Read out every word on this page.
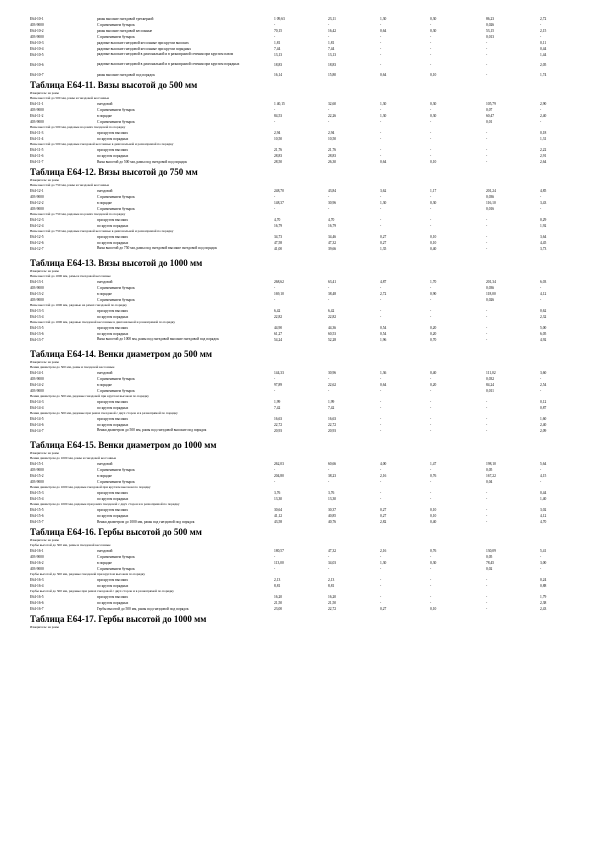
Е64-10-1	рамы высокие гнездовой трехкерной	1 09,63	23,11	1,30	0,30	86,23	2,72
403-9000	С применением бутырок	-	-	-	-	0,026	-
Е64-10-2	рамы высокие гнездовой кессонные	70,15	16,42	0,64	0,30	53,15	2,15
403-9000	С применением бутырок	-	-	-	-	0,013	-
Е64-10-3	рядовые высокие гнездовой кессонные при кругом высоких	1,81	1,81	-	-	-	0,11
Е64-10-4	рядовые высокие гнездовой кессонные при кругом порядных	7,44	7,44	-	-	-	0,44
Е64-10-5	рядовые высокие гнездовой в диагональной и в разнопрямой сечения при круглом пазом	13,13	13,13	-	-	-	1,44
Е64-10-6	рядовые высокие гнездовой в диагональной и в разнопрямой сечения при круглом порядных	18,83	18,83	-	-	-	2,05
Е64-10-7	рамы высокие гнездовой под порядок	16,14	15,80	0,64	0,10	-	1,74
Таблица Е64-11. Вязы высотой до 500 мм
Измеритель: на рамы
Вязы высотой до 500 мм, рамы и гнездовой кессонные
Е64-11-1	гнездовой	1 40,15	32,60	1,30	0,30	105,79	2,90
403-9000	С применением бутырок	-	-	-	-	0,07	-
Е64-11-2	в порядке	84,53	22,26	1,30	0,30	60,47	2,40
403-9000	С применением бутырок	-	-	-	-	0,01	-
Вязы высотой до 500 мм, рядовые на рамах гнездовой по порядку
Е64-11-3	при кругом высоких	2,94	2,94	-	-	-	0,18
Е64-11-4	по кругом порядных	10,50	10,50	-	-	-	1,31
Вязы высотой до 500 мм, рядовые гнездовой кессонные в диагональной и разнопрямой по порядку
Е64-11-5	при кругом высоких	21,76	21,76	-	-	-	2,22
Е64-11-6	по кругом порядных	28,83	28,83	-	-	-	2,91
Е64-11-7	Вязы высотой до 500 мм, рамы под гнездовой под порядок	28,50	26,30	0,64	0,10	-	2,64
Таблица Е64-12. Вязы высотой до 750 мм
Измеритель: на рамы
Вязы высотой до 750 мм, рамы и гнездовой кессонные
Е64-12-1	гнездовой	248,70	43,84	3,62	1,17	201,24	4,85
403-9000	С применением бутырок	-	-	-	-	0,036	-
Е64-12-2	в порядке	148,37	30,96	1,30	0,30	116,10	3,43
403-9000	С применением бутырок	-	-	-	-	0,016	-
Вязы высотой до 750 мм, рядовые на рамах гнездовой по порядку
Е64-12-3	при кругом высоких	4,70	4,70	-	-	-	0,29
Е64-12-4	по кругом порядных	16,79	16,79	-	-	-	1,92
Вязы высотой до 750 мм, рядовые гнездовой кессонные в диагональной и разнопрямой по порядку
Е64-12-5	при кругом высоких	34,73	34,46	0,27	0,10	-	3,64
Е64-12-6	по кругом порядных	47,58	47,32	0,27	0,10	-	4,45
Е64-12-7	Вязы высотой до 750 мм, рамы под гнездовой высокие гнездовой под порядок	41,00	39,66	1,35	0,40	-	3,73
Таблица Е64-13. Вязы высотой до 1000 мм
Измеритель: на рамы
Вязы высотой до 1000 мм, рамы и гнездовой кессонные
Е64-13-1	гнездовой	268,62	63,41	4,87	1,70	201,34	6,03
403-9000	С применением бутырок	-	-	-	-	0,036	-
Е64-13-2	в порядке	169,10	38,48	2,72	0,90	118,00	4,12
403-9000	С применением бутырок	-	-	-	-	0,026	-
Вязы высотой до 1000 мм, рядовые на рамах гнездовой по порядку
Е64-13-3	при кругом высоких	6,42	6,42	-	-	-	0,62
Е64-13-4	по кругом порядных	22,82	22,82	-	-	-	2,32
Вязы высотой до 1000 мм, рядовые гнездовой кессонные в диагональной и разнопрямой по порядку
Е64-13-5	при кругом высоких	44,90	44,36	0,54	0,20	-	5,00
Е64-13-6	по кругом порядных	61,27	60,53	0,54	0,20	-	6,05
Е64-13-7	Вязы высотой до 1000 мм, рамы под гнездовой высокие гнездовой под порядок	54,24	52,28	1,96	0,70	-	4,92
Таблица Е64-14. Венки диаметром до 500 мм
Измеритель: на рамы
Венки диаметром до 500 мм, рамы и гнездовой кессонные
Е64-14-1	гнездовой	144,33	30,96	1,36	0,40	111,02	3,60
403-9000	С применением бутырок	-	-	-	-	0,032	-
Е64-14-2	в порядке	97,89	22,62	0,64	0,20	84,24	2,54
403-9000	С применением бутырок	-	-	-	-	0,011	-
Венки диаметром до 500 мм, рядовые гнездовой при круглом высоком по порядку
Е64-14-3	при кругом высоких	1,99	1,99	-	-	-	0,12
Е64-14-4	по кругом порядных	7,42	7,42	-	-	-	0,87
Венки диаметром до 500 мм, рядовые при рамах гнездовой с двух сторон и в разнопрямой по порядку
Е64-14-5	при кругом высоких	16,63	16,63	-	-	-	1,60
Е64-14-6	по кругом порядных	22,72	22,72	-	-	-	2,40
Е64-14-7	Венки диаметром до 500 мм, рамы под гнездовой высокие под порядок	20,93	20,93	-	-	-	2,09
Таблица Е64-15. Венки диаметром до 1000 мм
Измеритель: на рамы
Венки диаметром до 1000 мм, рамы и гнездовой кессонные
Е64-15-1	гнездовой	262,03	60,66	4,00	1,47	198,10	5,64
403-9000	С применением бутырок	-	-	-	-	0,05	-
Е64-15-2	в порядке	204,80	38,23	2,16	0,76	167,22	4,15
403-9000	С применением бутырок	-	-	-	-	0,04	-
Венки диаметром до 1000 мм, рядовые гнездовой при круглом высоком по порядку
Е64-15-3	при кругом высоких	3,76	3,76	-	-	-	0,44
Е64-15-4	по кругом порядных	13,30	13,30	-	-	-	1,40
Венки диаметром до 1000 мм, рядовые при рамах гнездовой с двух сторон и в разнопрямой по порядку
Е64-15-5	при кругом высоких	30,64	30,37	0,27	0,10	-	3,02
Е64-15-6	по кругом порядных	41,12	40,85	0,27	0,10	-	4,12
Е64-15-7	Венки диаметром до 1000 мм, рамы под гнездовой под порядок	43,58	40,76	2,82	0,40	-	4,70
Таблица Е64-16. Гербы высотой до 500 мм
Измеритель: на рамы
Гербы высотой до 500 мм, рамы и гнездовой кессонные
Е64-16-1	гнездовой	180,57	47,32	2,16	0,76	130,09	5,41
403-9000	С применением бутырок	-	-	-	-	0,05	-
Е64-16-2	в порядке	113,00	34,03	1,30	0,30	78,45	3,00
403-9000	С применением бутырок	-	-	-	-	0,02	-
Гербы высотой до 500 мм, рядовые гнездовой при круглом высоком по порядку
Е64-16-3	при кругом высоких	2,13	2,13	-	-	-	0,24
Е64-16-4	по кругом порядных	8,81	8,81	-	-	-	0,88
Гербы высотой до 500 мм, рядовые при рамах гнездовой с двух сторон и в разнопрямой по порядку
Е64-16-5	при кругом высоких	16,20	16,20	-	-	-	1,79
Е64-16-6	по кругом порядных	21,50	21,50	-	-	-	2,38
Е64-16-7	Гербы высотой до 500 мм, рамы под гнездовой под порядок	23,00	22,72	0,27	0,10	-	2,43
Таблица Е64-17. Гербы высотой до 1000 мм
Измеритель: на рамы
